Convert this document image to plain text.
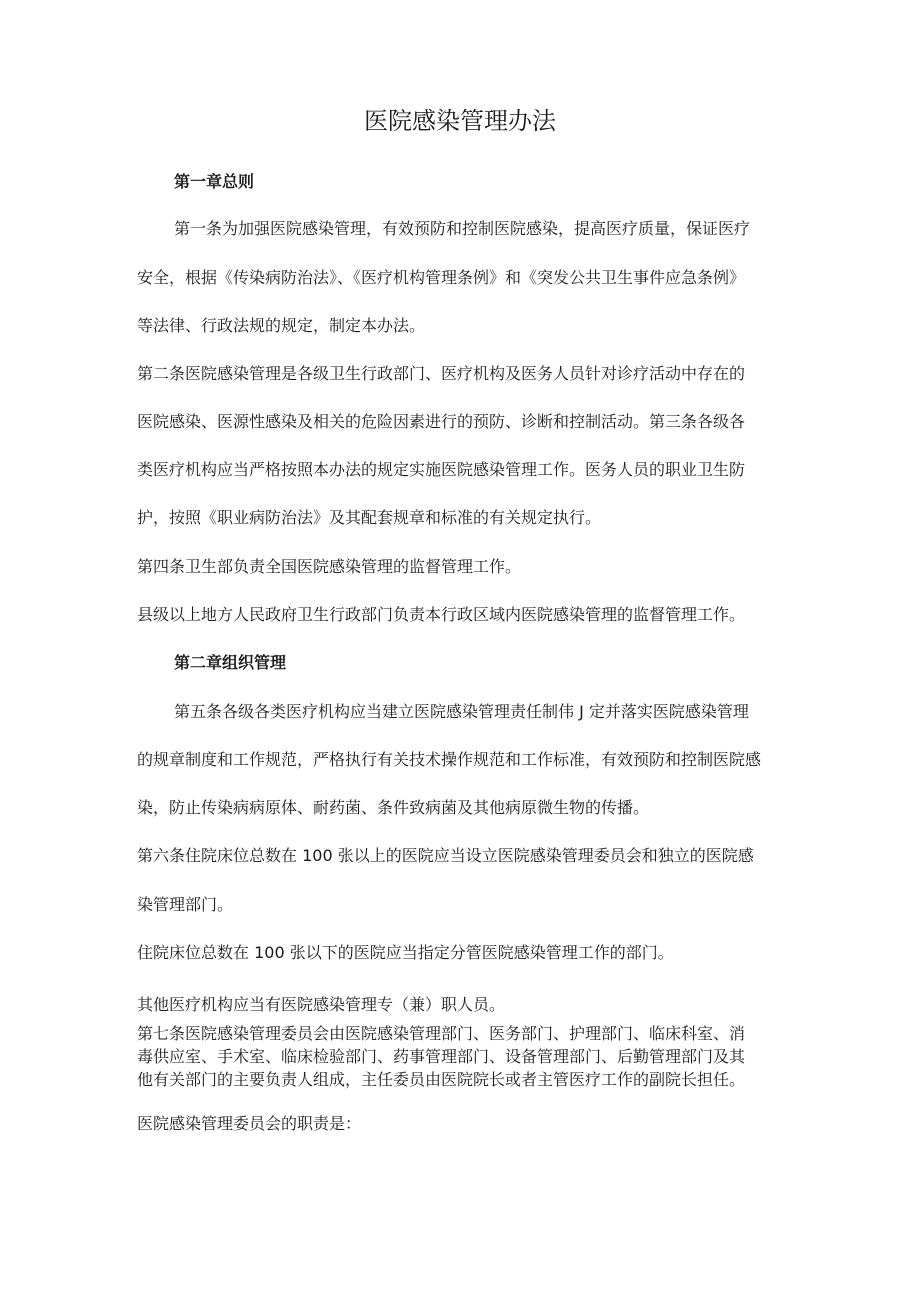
医院感染管理办法

第一章总则

第一条为加强医院感染管理，有效预防和控制医院感染，提高医疗质量，保证医疗

安全，根据《传染病防治法》、《医疗机构管理条例》和《突发公共卫生事件应急条例》

等法律、行政法规的规定，制定本办法。

第二条医院感染管理是各级卫生行政部门、医疗机构及医务人员针对诊疗活动中存在的

医院感染、医源性感染及相关的危险因素进行的预防、诊断和控制活动。第三条各级各

类医疗机构应当严格按照本办法的规定实施医院感染管理工作。医务人员的职业卫生防

护，按照《职业病防治法》及其配套规章和标准的有关规定执行。

第四条卫生部负责全国医院感染管理的监督管理工作。

县级以上地方人民政府卫生行政部门负责本行政区域内医院感染管理的监督管理工作。

第二章组织管理

第五条各级各类医疗机构应当建立医院感染管理责任制伟 J 定并落实医院感染管理

的规章制度和工作规范，严格执行有关技术操作规范和工作标准，有效预防和控制医院感

染，防止传染病病原体、耐药菌、条件致病菌及其他病原微生物的传播。

第六条住院床位总数在 100 张以上的医院应当设立医院感染管理委员会和独立的医院感

染管理部门。

住院床位总数在 100 张以下的医院应当指定分管医院感染管理工作的部门。

其他医疗机构应当有医院感染管理专（兼）职人员。

第七条医院感染管理委员会由医院感染管理部门、医务部门、护理部门、临床科室、消

毒供应室、手术室、临床检验部门、药事管理部门、设备管理部门、后勤管理部门及其

他有关部门的主要负责人组成，主任委员由医院院长或者主管医疗工作的副院长担任。

医院感染管理委员会的职责是：
